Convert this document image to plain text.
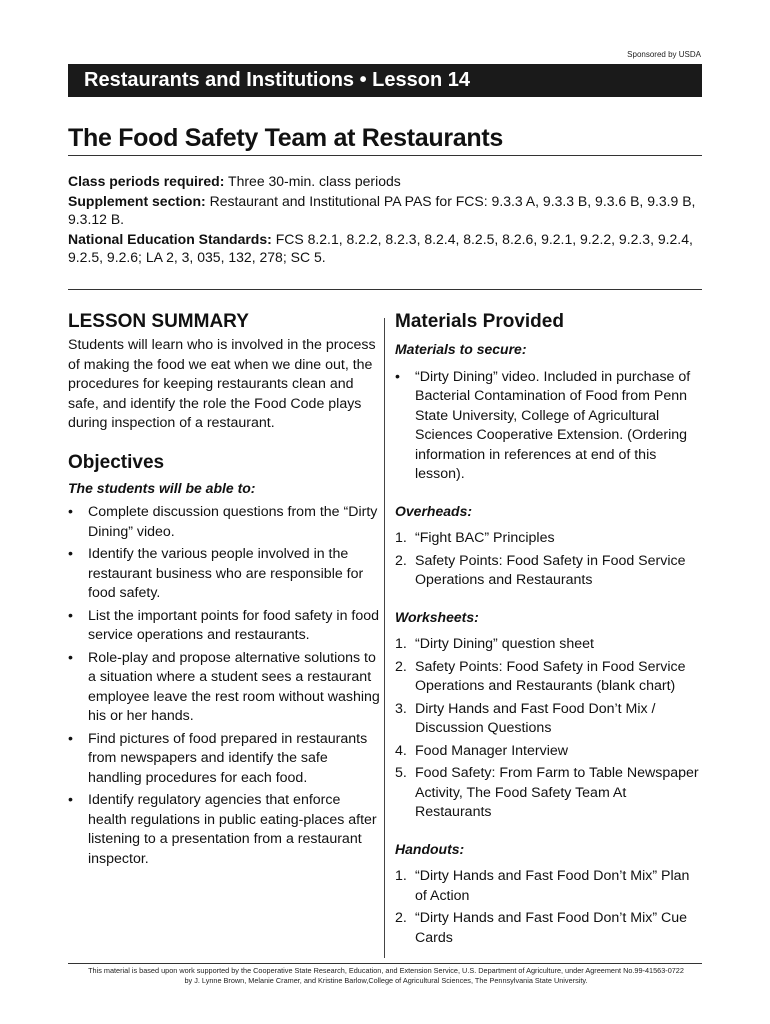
Sponsored by USDA
Restaurants and Institutions • Lesson 14
The Food Safety Team at Restaurants

Class periods required: Three 30-min. class periods

Supplement section: Restaurant and Institutional PA PAS for FCS: 9.3.3 A, 9.3.3 B, 9.3.6 B, 9.3.9 B, 9.3.12 B.

National Education Standards: FCS 8.2.1, 8.2.2, 8.2.3, 8.2.4, 8.2.5, 8.2.6, 9.2.1, 9.2.2, 9.2.3, 9.2.4, 9.2.5, 9.2.6; LA 2, 3, 035, 132, 278; SC 5.

LESSON SUMMARY

Students will learn who is involved in the process of making the food we eat when we dine out, the procedures for keeping restaurants clean and safe, and identify the role the Food Code plays during inspection of a restaurant.

Objectives

The students will be able to:

• Complete discussion questions from the “Dirty Dining” video.
• Identify the various people involved in the restaurant business who are responsible for food safety.
• List the important points for food safety in food service operations and restaurants.
• Role-play and propose alternative solutions to a situation where a student sees a restaurant employee leave the rest room without washing his or her hands.
• Find pictures of food prepared in restaurants from newspapers and identify the safe handling procedures for each food.
• Identify regulatory agencies that enforce health regulations in public eating-places after listening to a presentation from a restaurant inspector.
Materials Provided

Materials to secure:

• “Dirty Dining” video. Included in purchase of Bacterial Contamination of Food from Penn State University, College of Agricultural Sciences Cooperative Extension. (Ordering information in references at end of this lesson).

Overheads:

1. “Fight BAC” Principles
2. Safety Points: Food Safety in Food Service Operations and Restaurants

Worksheets:

1. “Dirty Dining” question sheet
2. Safety Points: Food Safety in Food Service Operations and Restaurants (blank chart)
3. Dirty Hands and Fast Food Don’t Mix / Discussion Questions
4. Food Manager Interview
5. Food Safety: From Farm to Table Newspaper Activity, The Food Safety Team At Restaurants

Handouts:

1. “Dirty Hands and Fast Food Don’t Mix” Plan of Action
2. “Dirty Hands and Fast Food Don’t Mix” Cue Cards
This material is based upon work supported by the Cooperative State Research, Education, and Extension Service, U.S. Department of Agriculture, under Agreement No.99-41563-0722
by J. Lynne Brown, Melanie Cramer, and Kristine Barlow,College of Agricultural Sciences, The Pennsylvania State University.
